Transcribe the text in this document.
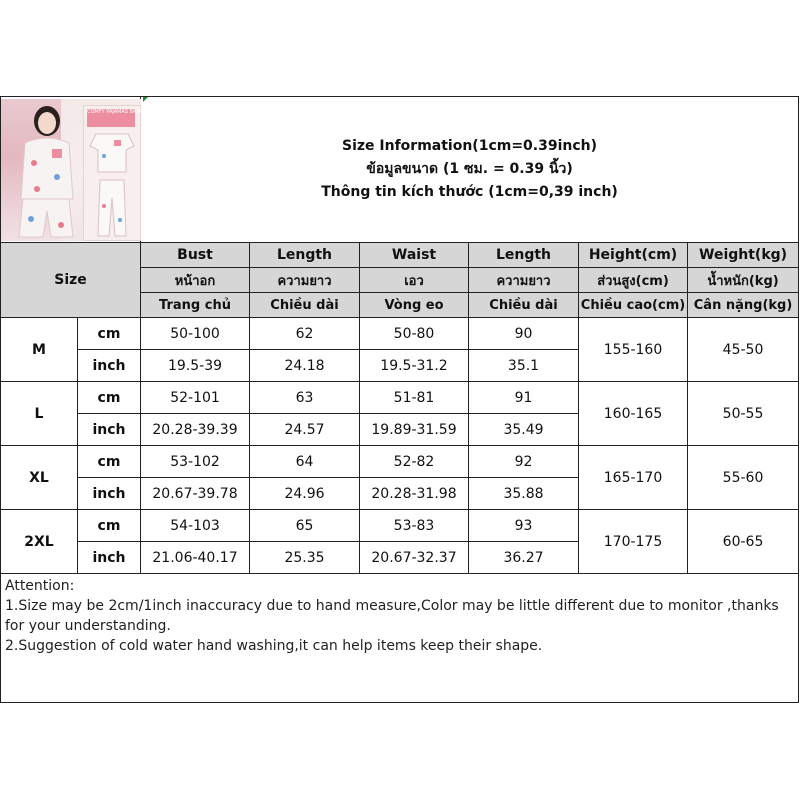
COMFY PAJAMAS BRING GOOD SLEEP		Size Information(1cm=0.39inch)
ข้อมูลขนาด (1 ซม. = 0.39 นิ้ว)
Thông tin kích thước (1cm=0,39 inch)					

Size		Bust	Length	Waist	Length	Height(cm)	Weight(kg)
		หน้าอก	ความยาว	เอว	ความยาว	ส่วนสูง(cm)	น้ำหนัก(kg)
		Trang chủ	Chiều dài	Vòng eo	Chiều dài	Chiều cao(cm)	Cân nặng(kg)
M	cm	50-100	62	50-80	90	155-160	45-50
	inch	19.5-39	24.18	19.5-31.2	35.1		
L	cm	52-101	63	51-81	91	160-165	50-55
	inch	20.28-39.39	24.57	19.89-31.59	35.49		
XL	cm	53-102	64	52-82	92	165-170	55-60
	inch	20.67-39.78	24.96	20.28-31.98	35.88		
2XL	cm	54-103	65	53-83	93	170-175	60-65
	inch	21.06-40.17	25.35	20.67-32.37	36.27		

Attention:
1.Size may be 2cm/1inch inaccuracy due to hand measure,Color may be little different due to monitor ,thanks for your understanding.
2.Suggestion of cold water hand washing,it can help items keep their shape.							
